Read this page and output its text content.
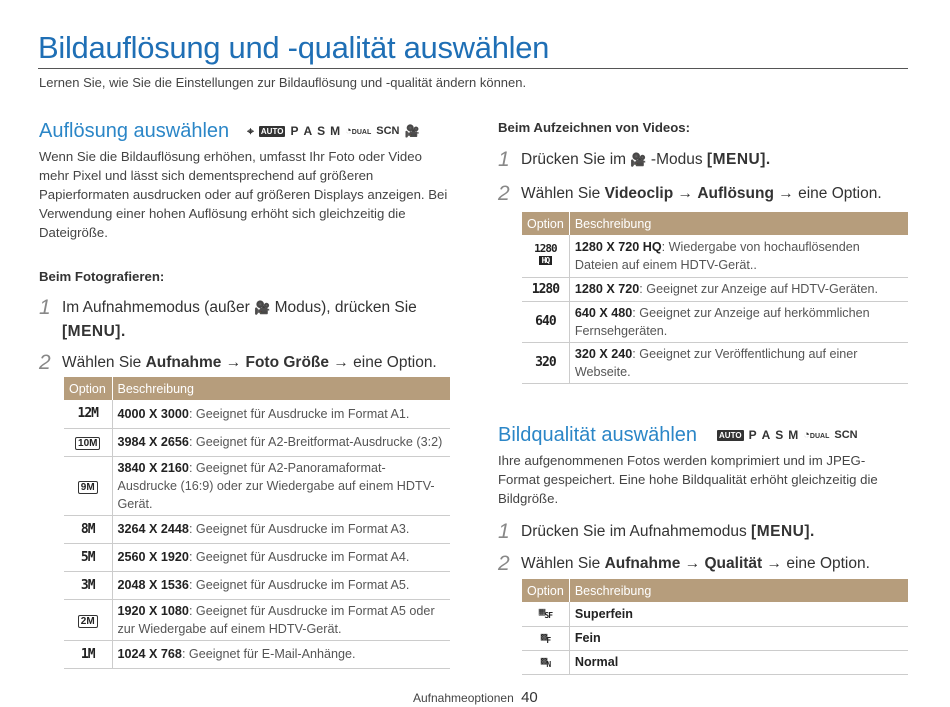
Bildauflösung und -qualität auswählen
Lernen Sie, wie Sie die Einstellungen zur Bildauflösung und -qualität ändern können.
Auflösung auswählen ⌖ AUTO P A S M ◔DUAL SCN 🎥

Wenn Sie die Bildauflösung erhöhen, umfasst Ihr Foto oder Video mehr Pixel und lässt sich dementsprechend auf größeren Papierformaten ausdrucken oder auf größeren Displays anzeigen. Bei Verwendung einer hohen Auflösung erhöht sich gleichzeitig die Dateigröße.

Beim Fotografieren:
1 Im Aufnahmemodus (außer 🎥 Modus), drücken Sie
[MENU].
2 Wählen Sie Aufnahme → Foto Größe → eine Option.
Option	Beschreibung
12M	4000 X 3000: Geeignet für Ausdrucke im Format A1.
10M	3984 X 2656: Geeignet für A2-Breitformat-Ausdrucke (3:2)
9M	3840 X 2160: Geeignet für A2-Panoramaformat-Ausdrucke (16:9) oder zur Wiedergabe auf einem HDTV-Gerät.
8M	3264 X 2448: Geeignet für Ausdrucke im Format A3.
5M	2560 X 1920: Geeignet für Ausdrucke im Format A4.
3M	2048 X 1536: Geeignet für Ausdrucke im Format A5.
2M	1920 X 1080: Geeignet für Ausdrucke im Format A5 oder zur Wiedergabe auf einem HDTV-Gerät.
1M	1024 X 768: Geeignet für E-Mail-Anhänge.
Beim Aufzeichnen von Videos:
1 Drücken Sie im 🎥 -Modus [MENU].
2 Wählen Sie Videoclip → Auflösung → eine Option.
Option	Beschreibung
1280
HQ	1280 X 720 HQ: Wiedergabe von hochauflösenden Dateien auf einem HDTV-Gerät..
1280	1280 X 720: Geeignet zur Anzeige auf HDTV-Geräten.
640	640 X 480: Geeignet zur Anzeige auf herkömmlichen Fernsehgeräten.
320	320 X 240: Geeignet zur Veröffentlichung auf einer Webseite.
Bildqualität auswählen	AUTO P A S M ◔DUAL SCN

Ihre aufgenommenen Fotos werden komprimiert und im JPEG-Format gespeichert. Eine hohe Bildqualität erhöht gleichzeitig die Bildgröße.

1 Drücken Sie im Aufnahmemodus [MENU].
2 Wählen Sie Aufnahme → Qualität → eine Option.
Option	Beschreibung
$▦_{SF}$	Superfein
$▩_F$	Fein
$▩_N$	Normal
Aufnahmeoptionen 40
